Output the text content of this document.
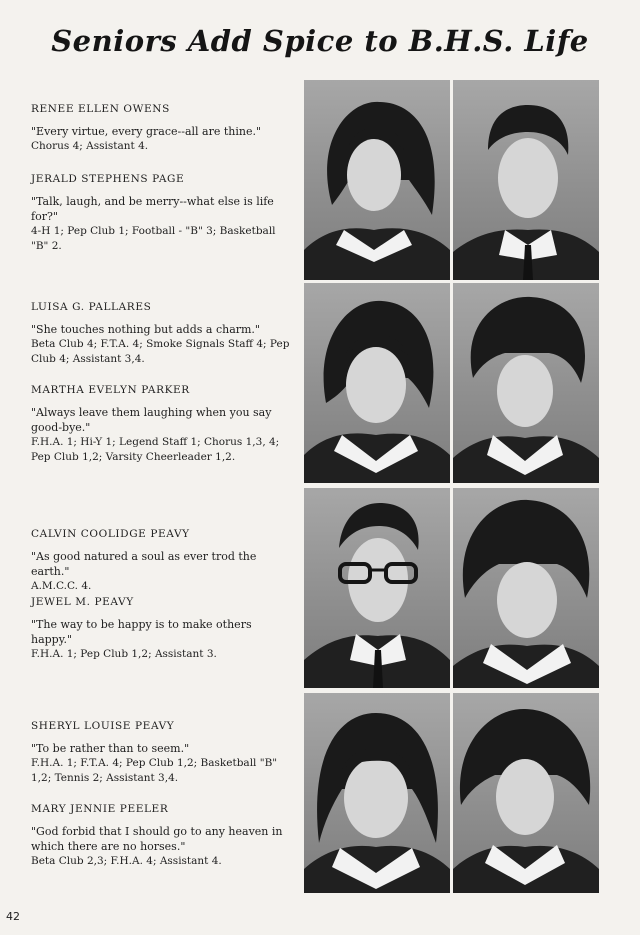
Seniors Add Spice to B.H.S. Life

RENEE ELLEN OWENS

"Every virtue, every grace--all are thine."

Chorus 4; Assistant 4.

JERALD STEPHENS PAGE

"Talk, laugh, and be merry--what else is life for?"

4-H 1; Pep Club 1; Football - "B" 3; Basketball "B" 2.

LUISA G. PALLARES

"She touches nothing but adds a charm."

Beta Club 4; F.T.A. 4; Smoke Signals Staff 4; Pep Club 4; Assistant 3,4.

MARTHA EVELYN PARKER

"Always leave them laughing when you say good-bye."

F.H.A. 1; Hi-Y 1; Legend Staff 1; Chorus 1,3, 4; Pep Club 1,2; Varsity Cheerleader 1,2.

CALVIN COOLIDGE PEAVY

"As good natured a soul as ever trod the earth."

A.M.C.C. 4.

JEWEL M. PEAVY

"The way to be happy is to make others happy."

F.H.A. 1; Pep Club 1,2; Assistant 3.

SHERYL LOUISE PEAVY

"To be rather than to seem."

F.H.A. 1; F.T.A. 4; Pep Club 1,2; Basketball "B" 1,2; Tennis 2; Assistant 3,4.

MARY JENNIE PEELER

"God forbid that I should go to any heaven in which there are no horses."

Beta Club 2,3; F.H.A. 4; Assistant 4.

42
